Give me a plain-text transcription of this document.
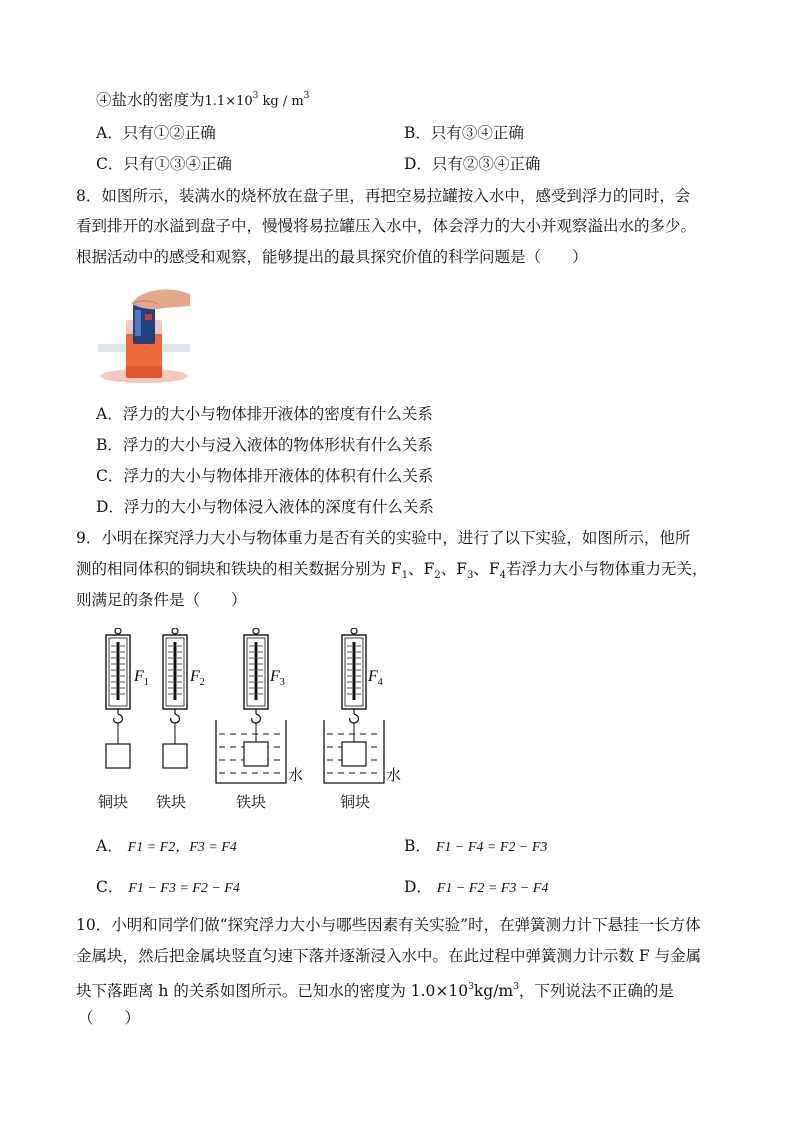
④盐水的密度为$1.1\times 10^3$ kg / $m^3$
A．只有①②正确	B．只有③④正确
C．只有①③④正确	D．只有②③④正确
8．如图所示，装满水的烧杯放在盘子里，再把空易拉罐按入水中，感受到浮力的同时，会
看到排开的水溢到盘子中，慢慢将易拉罐压入水中，体会浮力的大小并观察溢出水的多少。
根据活动中的感受和观察，能够提出的最具探究价值的科学问题是（　　）
A．浮力的大小与物体排开液体的密度有什么关系
B．浮力的大小与浸入液体的物体形状有什么关系
C．浮力的大小与物体排开液体的体积有什么关系
D．浮力的大小与物体浸入液体的深度有什么关系
9．小明在探究浮力大小与物体重力是否有关的实验中，进行了以下实验，如图所示，他所
测的相同体积的铜块和铁块的相关数据分别为 $F_1$、$F_2$、$F_3$、$F_4$若浮力大小与物体重力无关，
则满足的条件是（　　）
$F_1$	$F_2$	$F_3$
水
$F_4$
水
铜块 铁块	铁块	铜块
A． F1 = F2，F3 = F4	B． F1 − F4 = F2 − F3
C． F1 − F3 = F2 − F4	D． F1 − F2 = F3 − F4
10．小明和同学们做“探究浮力大小与哪些因素有关实验”时，在弹簧测力计下悬挂一长方体
金属块，然后把金属块竖直匀速下落并逐渐浸入水中。在此过程中弹簧测力计示数 F 与金属
块下落距离 h 的关系如图所示。已知水的密度为 $1.0\times 10^3kg/m^3$，下列说法不正确的是
（　　）
